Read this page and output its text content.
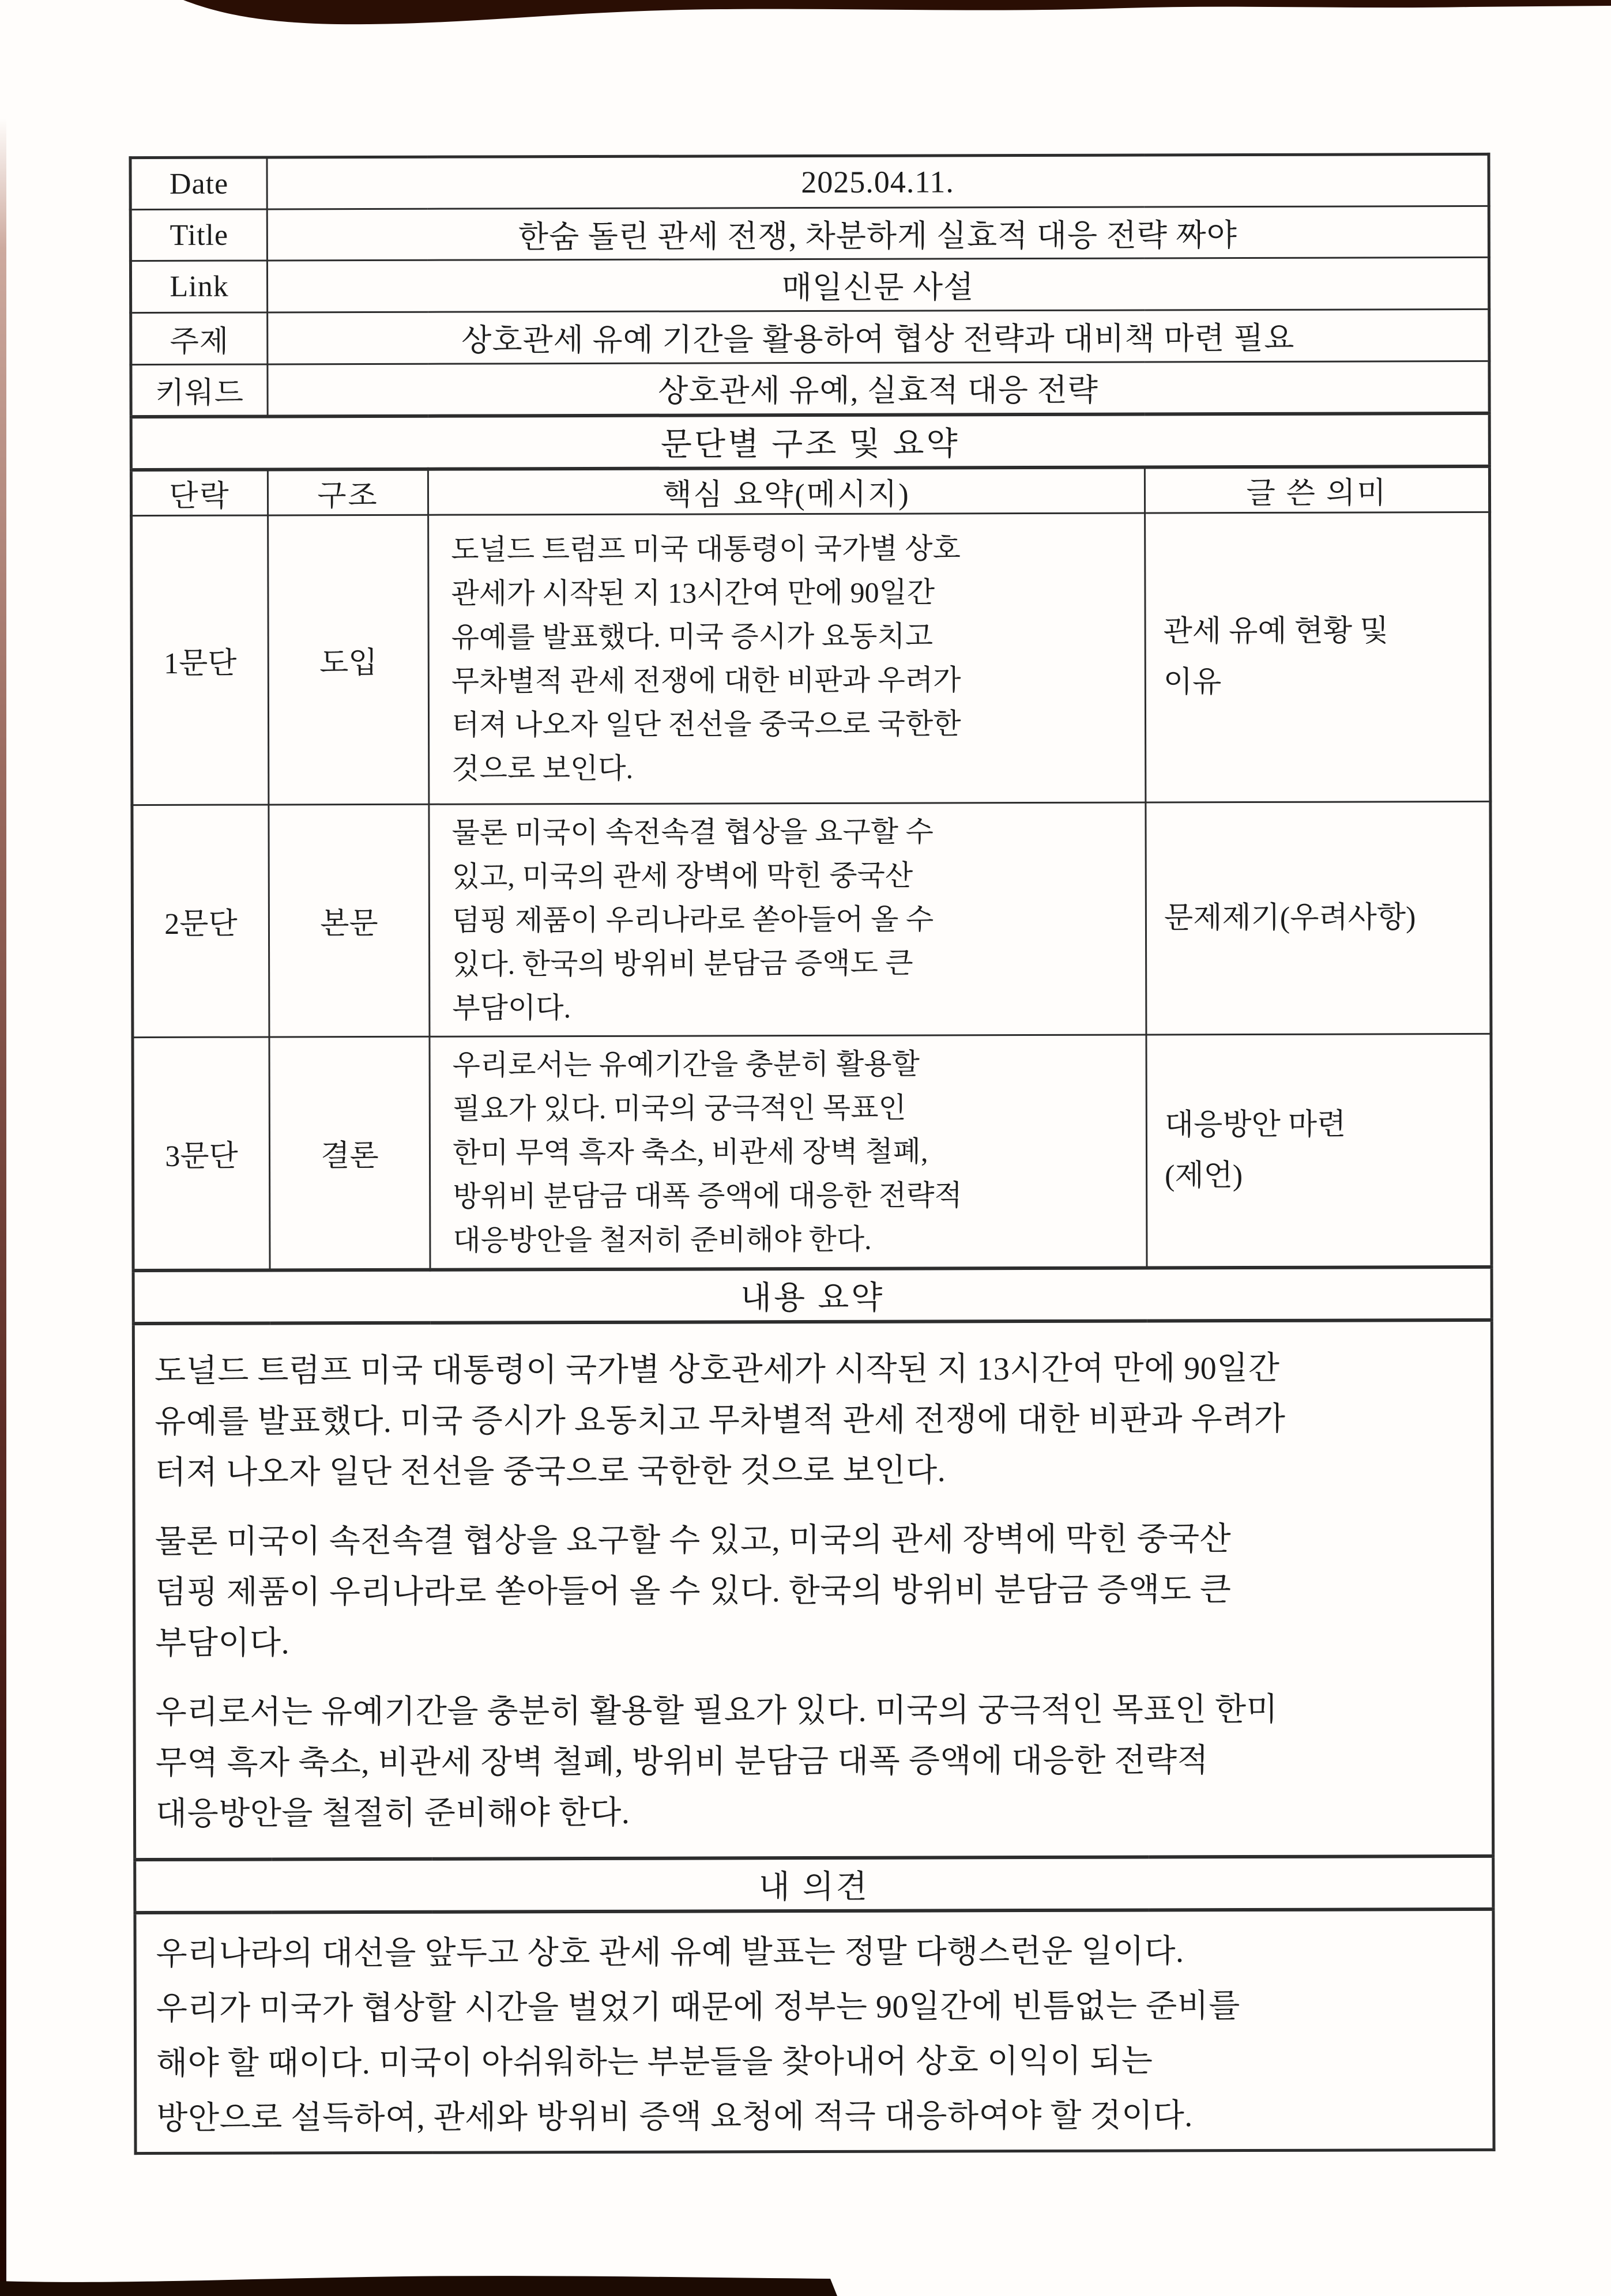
Date	2025.04.11.		
Title	한숨 돌린 관세 전쟁, 차분하게 실효적 대응 전략 짜야		
Link	매일신문 사설		
주제	상호관세 유예 기간을 활용하여 협상 전략과 대비책 마련 필요		
키워드	상호관세 유예, 실효적 대응 전략		
문단별 구조 및 요약			
단락	구조	핵심 요약(메시지)	글 쓴 의미
1문단	도입	도널드 트럼프 미국 대통령이 국가별 상호
관세가 시작된 지 13시간여 만에 90일간
유예를 발표했다. 미국 증시가 요동치고
무차별적 관세 전쟁에 대한 비판과 우려가
터져 나오자 일단 전선을 중국으로 국한한
것으로 보인다.	관세 유예 현황 및
이유
2문단	본문	물론 미국이 속전속결 협상을 요구할 수
있고, 미국의 관세 장벽에 막힌 중국산
덤핑 제품이 우리나라로 쏟아들어 올 수
있다. 한국의 방위비 분담금 증액도 큰
부담이다.	문제제기(우려사항)
3문단	결론	우리로서는 유예기간을 충분히 활용할
필요가 있다. 미국의 궁극적인 목표인
한미 무역 흑자 축소, 비관세 장벽 철폐,
방위비 분담금 대폭 증액에 대응한 전략적
대응방안을 철저히 준비해야 한다.	대응방안 마련
(제언)
내용 요약			

도널드 트럼프 미국 대통령이 국가별 상호관세가 시작된 지 13시간여 만에 90일간
유예를 발표했다. 미국 증시가 요동치고 무차별적 관세 전쟁에 대한 비판과 우려가
터져 나오자 일단 전선을 중국으로 국한한 것으로 보인다.

물론 미국이 속전속결 협상을 요구할 수 있고, 미국의 관세 장벽에 막힌 중국산
덤핑 제품이 우리나라로 쏟아들어 올 수 있다. 한국의 방위비 분담금 증액도 큰
부담이다.

우리로서는 유예기간을 충분히 활용할 필요가 있다. 미국의 궁극적인 목표인 한미
무역 흑자 축소, 비관세 장벽 철폐, 방위비 분담금 대폭 증액에 대응한 전략적
대응방안을 철절히 준비해야 한다.

내 의견			

우리나라의 대선을 앞두고 상호 관세 유예 발표는 정말 다행스런운 일이다.
우리가 미국가 협상할 시간을 벌었기 때문에 정부는 90일간에 빈틈없는 준비를
해야 할 때이다. 미국이 아쉬워하는 부분들을 찾아내어 상호 이익이 되는
방안으로 설득하여, 관세와 방위비 증액 요청에 적극 대응하여야 할 것이다.			
